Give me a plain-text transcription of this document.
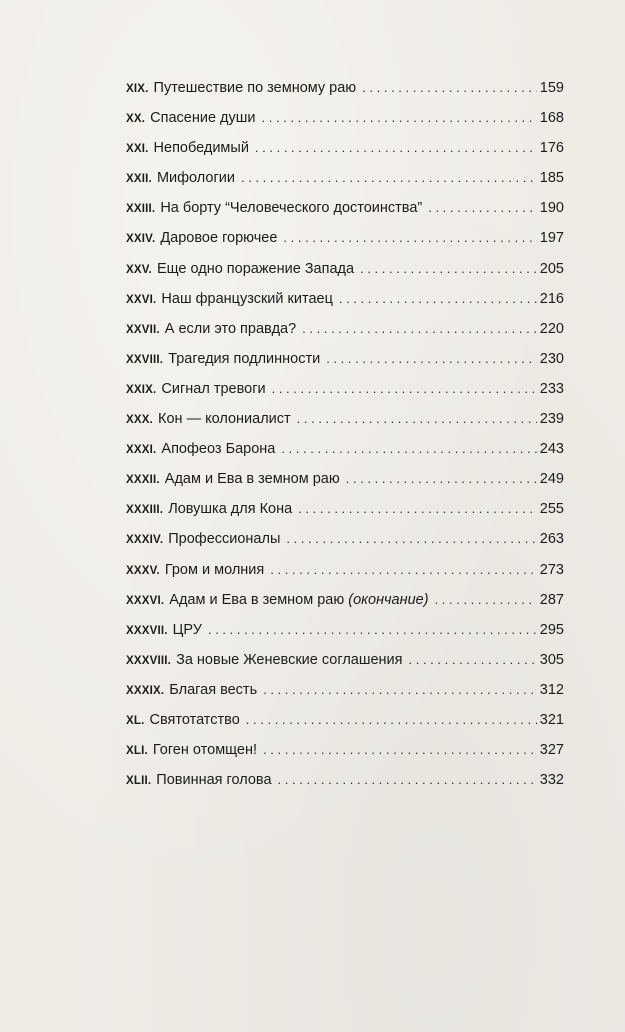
XIX. Путешествие по земному раю . . .	159
XX. Спасение души . . .	168
XXI. Непобедимый . . .	176
XXII. Мифологии . . .	185
XXIII. На борту “Человеческого достоинства” . . .	190
XXIV. Даровое горючее . . .	197
XXV. Еще одно поражение Запада . . .	205
XXVI. Наш французский китаец . . .	216
XXVII. А если это правда? . . .	220
XXVIII. Трагедия подлинности . . .	230
XXIX. Сигнал тревоги . . .	233
XXX. Кон — колониалист . . .	239
XXXI. Апофеоз Барона . . .	243
XXXII. Адам и Ева в земном раю . . .	249
XXXIII. Ловушка для Кона . . .	255
XXXIV. Профессионалы . . .	263
XXXV. Гром и молния . . .	273
XXXVI. Адам и Ева в земном раю (окончание) . . .	287
XXXVII. ЦРУ . . .	295
XXXVIII. За новые Женевские соглашения . . .	305
XXXIX. Благая весть . . .	312
XL. Святотатство . . .	321
XLI. Гоген отомщен! . . .	327
XLII. Повинная голова . . .	332
